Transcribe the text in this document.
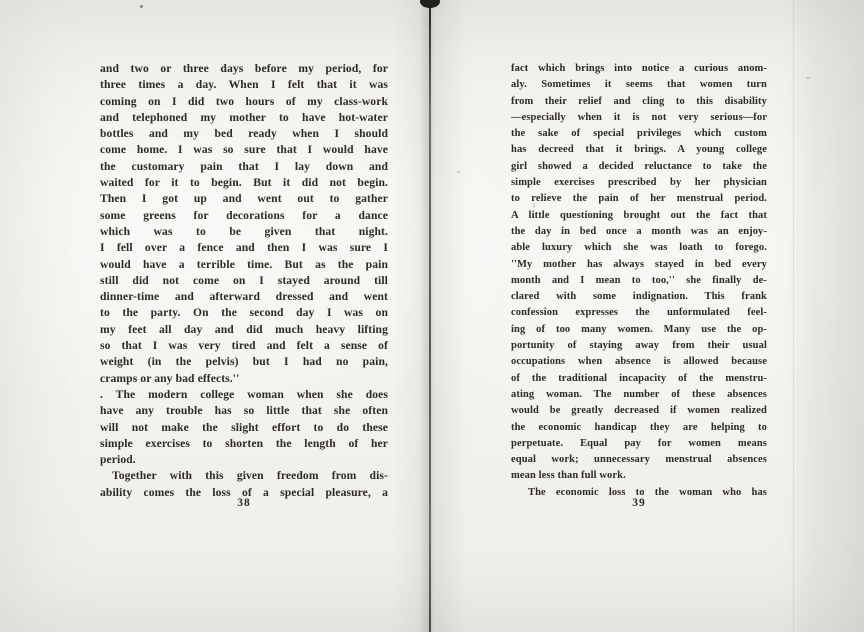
and two or three days before my period, for
three times a day. When I felt that it was
coming on I did two hours of my class-work
and telephoned my mother to have hot-water
bottles and my bed ready when I should
come home. I was so sure that I would have
the customary pain that I lay down and
waited for it to begin. But it did not begin.
Then I got up and went out to gather
some greens for decorations for a dance
which was to be given that night.
I fell over a fence and then I was sure I
would have a terrible time. But as the pain
still did not come on I stayed around till
dinner-time and afterward dressed and went
to the party. On the second day I was on
my feet all day and did much heavy lifting
so that I was very tired and felt a sense of
weight (in the pelvis) but I had no pain,
cramps or any bad effects.''
. The modern college woman when she does
have any trouble has so little that she often
will not make the slight effort to do these
simple exercises to shorten the length of her
period.
Together with this given freedom from dis-
ability comes the loss of a special pleasure, a
fact which brings into notice a curious anom-
aly. Sometimes it seems that women turn
from their relief and cling to this disability
—especially when it is not very serious—for
the sake of special privileges which custom
has decreed that it brings. A young college
girl showed a decided reluctance to take the
simple exercises prescribed by her physician
to relieve the pain of her menstrual period.
A little questioning brought out the fact that
the day in bed once a month was an enjoy-
able luxury which she was loath to forego.
''My mother has always stayed in bed every
month and I mean to too,'' she finally de-
clared with some indignation. This frank
confession expresses the unformulated feel-
ing of too many women. Many use the op-
portunity of staying away from their usual
occupations when absence is allowed because
of the traditional incapacity of the menstru-
ating woman. The number of these absences
would be greatly decreased if women realized
the economic handicap they are helping to
perpetuate. Equal pay for women means
equal work; unnecessary menstrual absences
mean less than full work.
The economic loss to the woman who has
38	39
